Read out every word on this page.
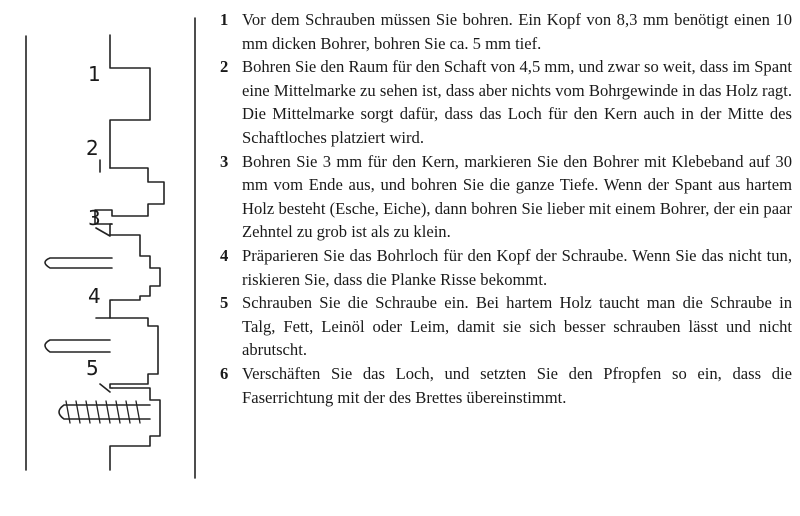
1
2
3
4
5
1 Vor dem Schrauben müssen Sie bohren. Ein Kopf von 8,3 mm benötigt einen 10 mm dicken Bohrer, bohren Sie ca. 5 mm tief.
2 Bohren Sie den Raum für den Schaft von 4,5 mm, und zwar so weit, dass im Spant eine Mittelmarke zu sehen ist, dass aber nichts vom Bohrgewinde in das Holz ragt. Die Mittelmarke sorgt dafür, dass das Loch für den Kern auch in der Mitte des Schaftloches platziert wird.
3 Bohren Sie 3 mm für den Kern, markieren Sie den Bohrer mit Klebeband auf 30 mm vom Ende aus, und bohren Sie die ganze Tiefe. Wenn der Spant aus hartem Holz besteht (Esche, Eiche), dann bohren Sie lieber mit einem Bohrer, der ein paar Zehntel zu grob ist als zu klein.
4 Präparieren Sie das Bohrloch für den Kopf der Schraube. Wenn Sie das nicht tun, riskieren Sie, dass die Planke Risse bekommt.
5 Schrauben Sie die Schraube ein. Bei hartem Holz taucht man die Schraube in Talg, Fett, Leinöl oder Leim, damit sie sich besser schrauben lässt und nicht abrutscht.
6 Verschäften Sie das Loch, und setzten Sie den Pfropfen so ein, dass die Faserrichtung mit der des Brettes übereinstimmt.
